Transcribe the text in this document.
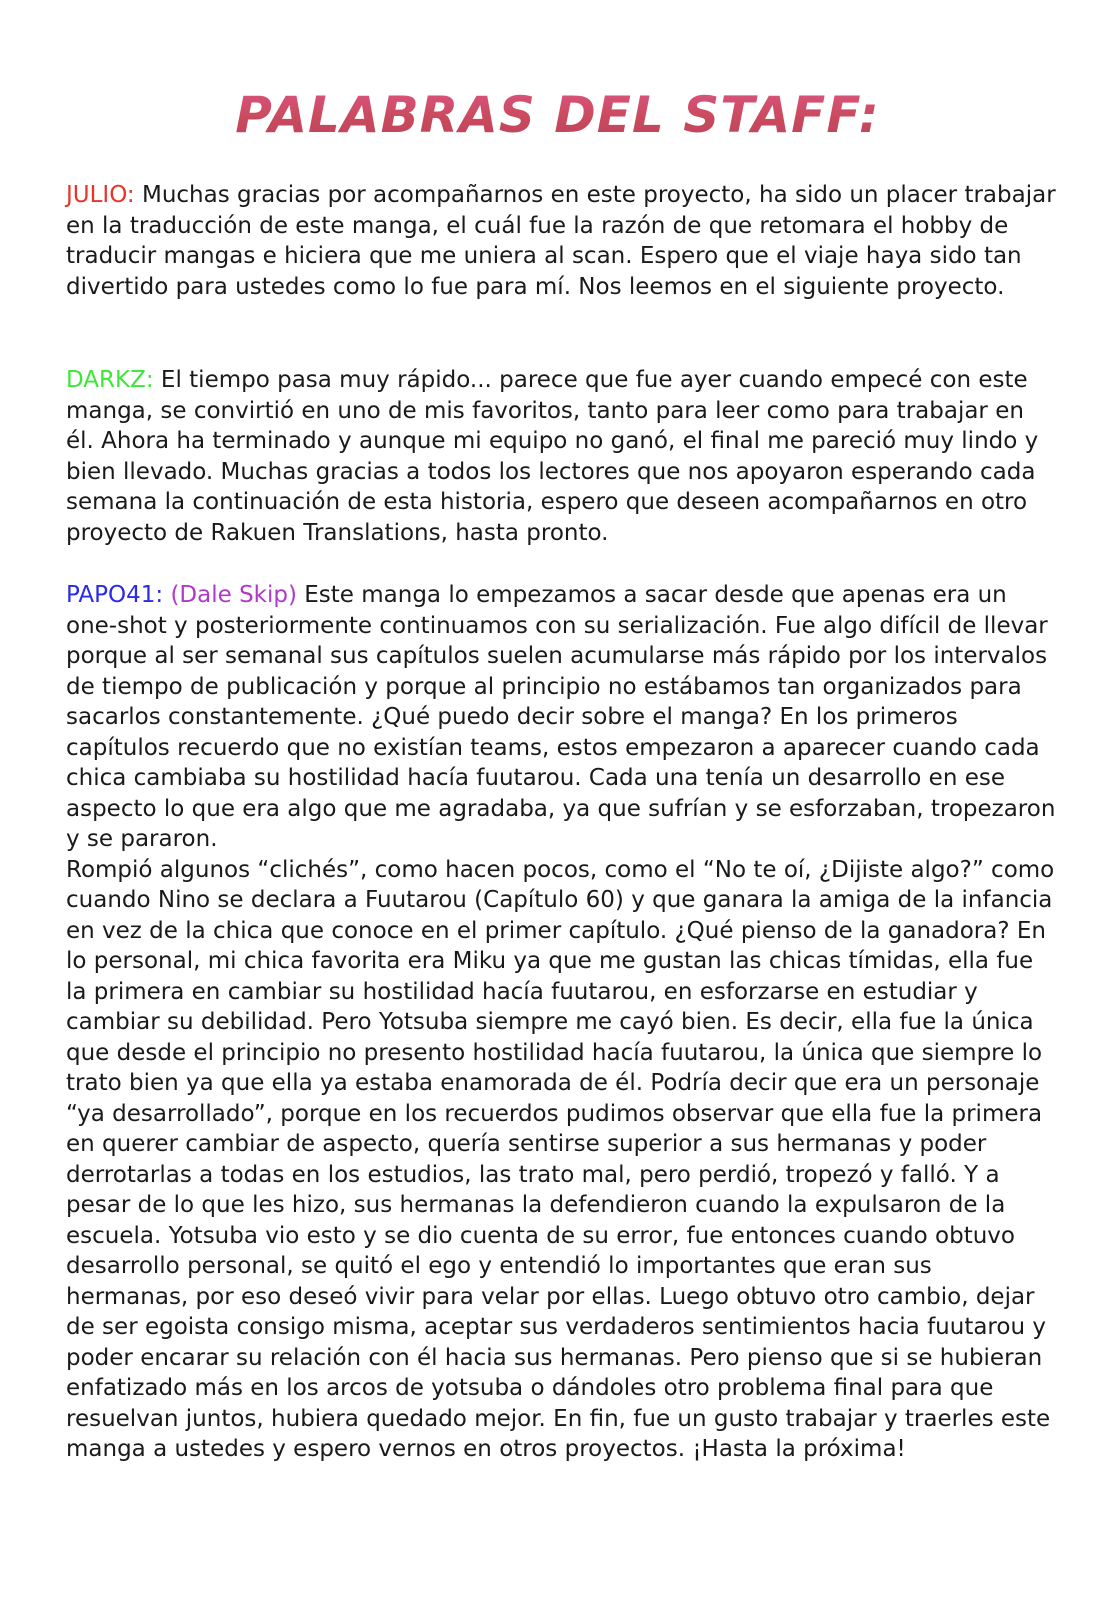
PALABRAS DEL STAFF:
JULIO: Muchas gracias por acompañarnos en este proyecto, ha sido un placer trabajar en la traducción de este manga, el cuál fue la razón de que retomara el hobby de traducir mangas e hiciera que me uniera al scan. Espero que el viaje haya sido tan divertido para ustedes como lo fue para mí. Nos leemos en el siguiente proyecto.
DARKZ: El tiempo pasa muy rápido... parece que fue ayer cuando empecé con este manga, se convirtió en uno de mis favoritos, tanto para leer como para trabajar en él. Ahora ha terminado y aunque mi equipo no ganó, el final me pareció muy lindo y bien llevado. Muchas gracias a todos los lectores que nos apoyaron esperando cada semana la continuación de esta historia, espero que deseen acompañarnos en otro proyecto de Rakuen Translations, hasta pronto.
PAPO41: (Dale Skip) Este manga lo empezamos a sacar desde que apenas era un one-shot y posteriormente continuamos con su serialización. Fue algo difícil de llevar porque al ser semanal sus capítulos suelen acumularse más rápido por los intervalos de tiempo de publicación y porque al principio no estábamos tan organizados para sacarlos constantemente. ¿Qué puedo decir sobre el manga? En los primeros capítulos recuerdo que no existían teams, estos empezaron a aparecer cuando cada chica cambiaba su hostilidad hacía fuutarou. Cada una tenía un desarrollo en ese aspecto lo que era algo que me agradaba, ya que sufrían y se esforzaban, tropezaron y se pararon.
Rompió algunos “clichés”, como hacen pocos, como el “No te oí, ¿Dijiste algo?” como cuando Nino se declara a Fuutarou (Capítulo 60) y que ganara la amiga de la infancia en vez de la chica que conoce en el primer capítulo. ¿Qué pienso de la ganadora? En lo personal, mi chica favorita era Miku ya que me gustan las chicas tímidas, ella fue la primera en cambiar su hostilidad hacía fuutarou, en esforzarse en estudiar y cambiar su debilidad. Pero Yotsuba siempre me cayó bien. Es decir, ella fue la única que desde el principio no presento hostilidad hacía fuutarou, la única que siempre lo trato bien ya que ella ya estaba enamorada de él. Podría decir que era un personaje “ya desarrollado”, porque en los recuerdos pudimos observar que ella fue la primera en querer cambiar de aspecto, quería sentirse superior a sus hermanas y poder derrotarlas a todas en los estudios, las trato mal, pero perdió, tropezó y falló. Y a pesar de lo que les hizo, sus hermanas la defendieron cuando la expulsaron de la escuela. Yotsuba vio esto y se dio cuenta de su error, fue entonces cuando obtuvo desarrollo personal, se quitó el ego y entendió lo importantes que eran sus hermanas, por eso deseó vivir para velar por ellas. Luego obtuvo otro cambio, dejar de ser egoista consigo misma, aceptar sus verdaderos sentimientos hacia fuutarou y poder encarar su relación con él hacia sus hermanas. Pero pienso que si se hubieran enfatizado más en los arcos de yotsuba o dándoles otro problema final para que resuelvan juntos, hubiera quedado mejor. En fin, fue un gusto trabajar y traerles este manga a ustedes y espero vernos en otros proyectos. ¡Hasta la próxima!
